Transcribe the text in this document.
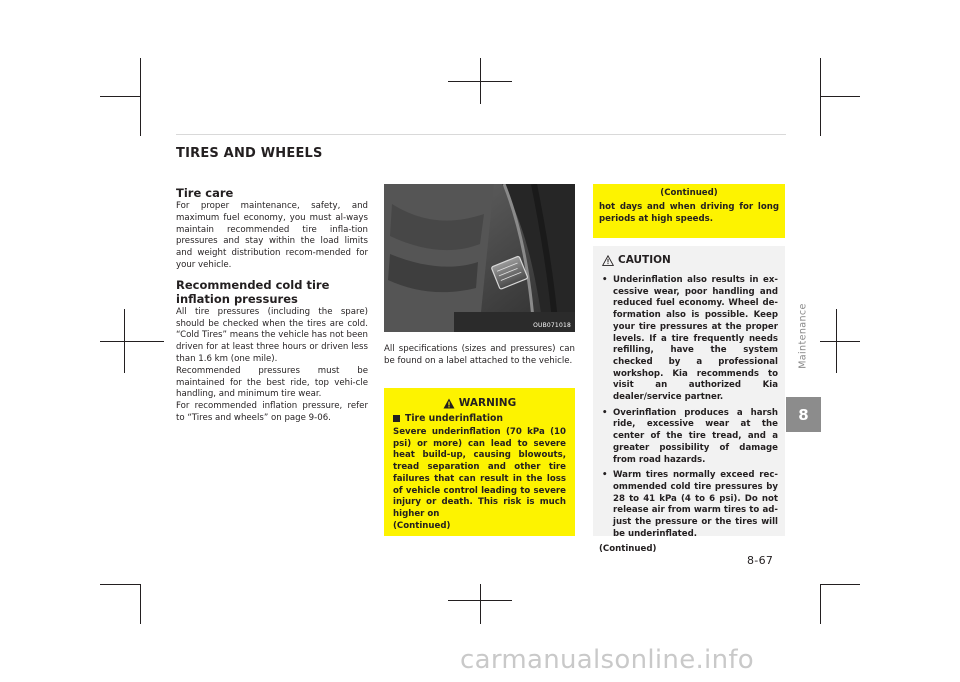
TIRES AND WHEELS
Tire care

For proper maintenance, safety, and maximum fuel economy, you must al-ways maintain recommended tire infla-tion pressures and stay within the load limits and weight distribution recom-mended for your vehicle.

Recommended cold tire inflation pressures

All tire pressures (including the spare) should be checked when the tires are cold. “Cold Tires” means the vehicle has not been driven for at least three hours or driven less than 1.6 km (one mile).

Recommended pressures must be maintained for the best ride, top vehi-cle handling, and minimum tire wear.

For recommended inflation pressure, refer to “Tires and wheels” on page 9-06.

OUB071018

All specifications (sizes and pressures) can be found on a label attached to the vehicle.

WARNING
Tire underinflation

Severe underinflation (70 kPa (10 psi) or more) can lead to severe heat build-up, causing blowouts, tread separation and other tire failures that can result in the loss of vehicle control leading to severe injury or death. This risk is much higher on

(Continued)

(Continued)

hot days and when driving for long periods at high speeds.

CAUTION
• Underinflation also results in ex-cessive wear, poor handling and reduced fuel economy. Wheel de-formation also is possible. Keep your tire pressures at the proper levels. If a tire frequently needs refilling, have the system checked by a professional workshop. Kia recommends to visit an authorized Kia dealer/service partner.

• Overinflation produces a harsh ride, excessive wear at the center of the tire tread, and a greater possibility of damage from road hazards.

• Warm tires normally exceed rec-ommended cold tire pressures by 28 to 41 kPa (4 to 6 psi). Do not release air from warm tires to ad-just the pressure or the tires will be underinflated.

(Continued)

Maintenance
8
8-67
carmanualsonline.info
